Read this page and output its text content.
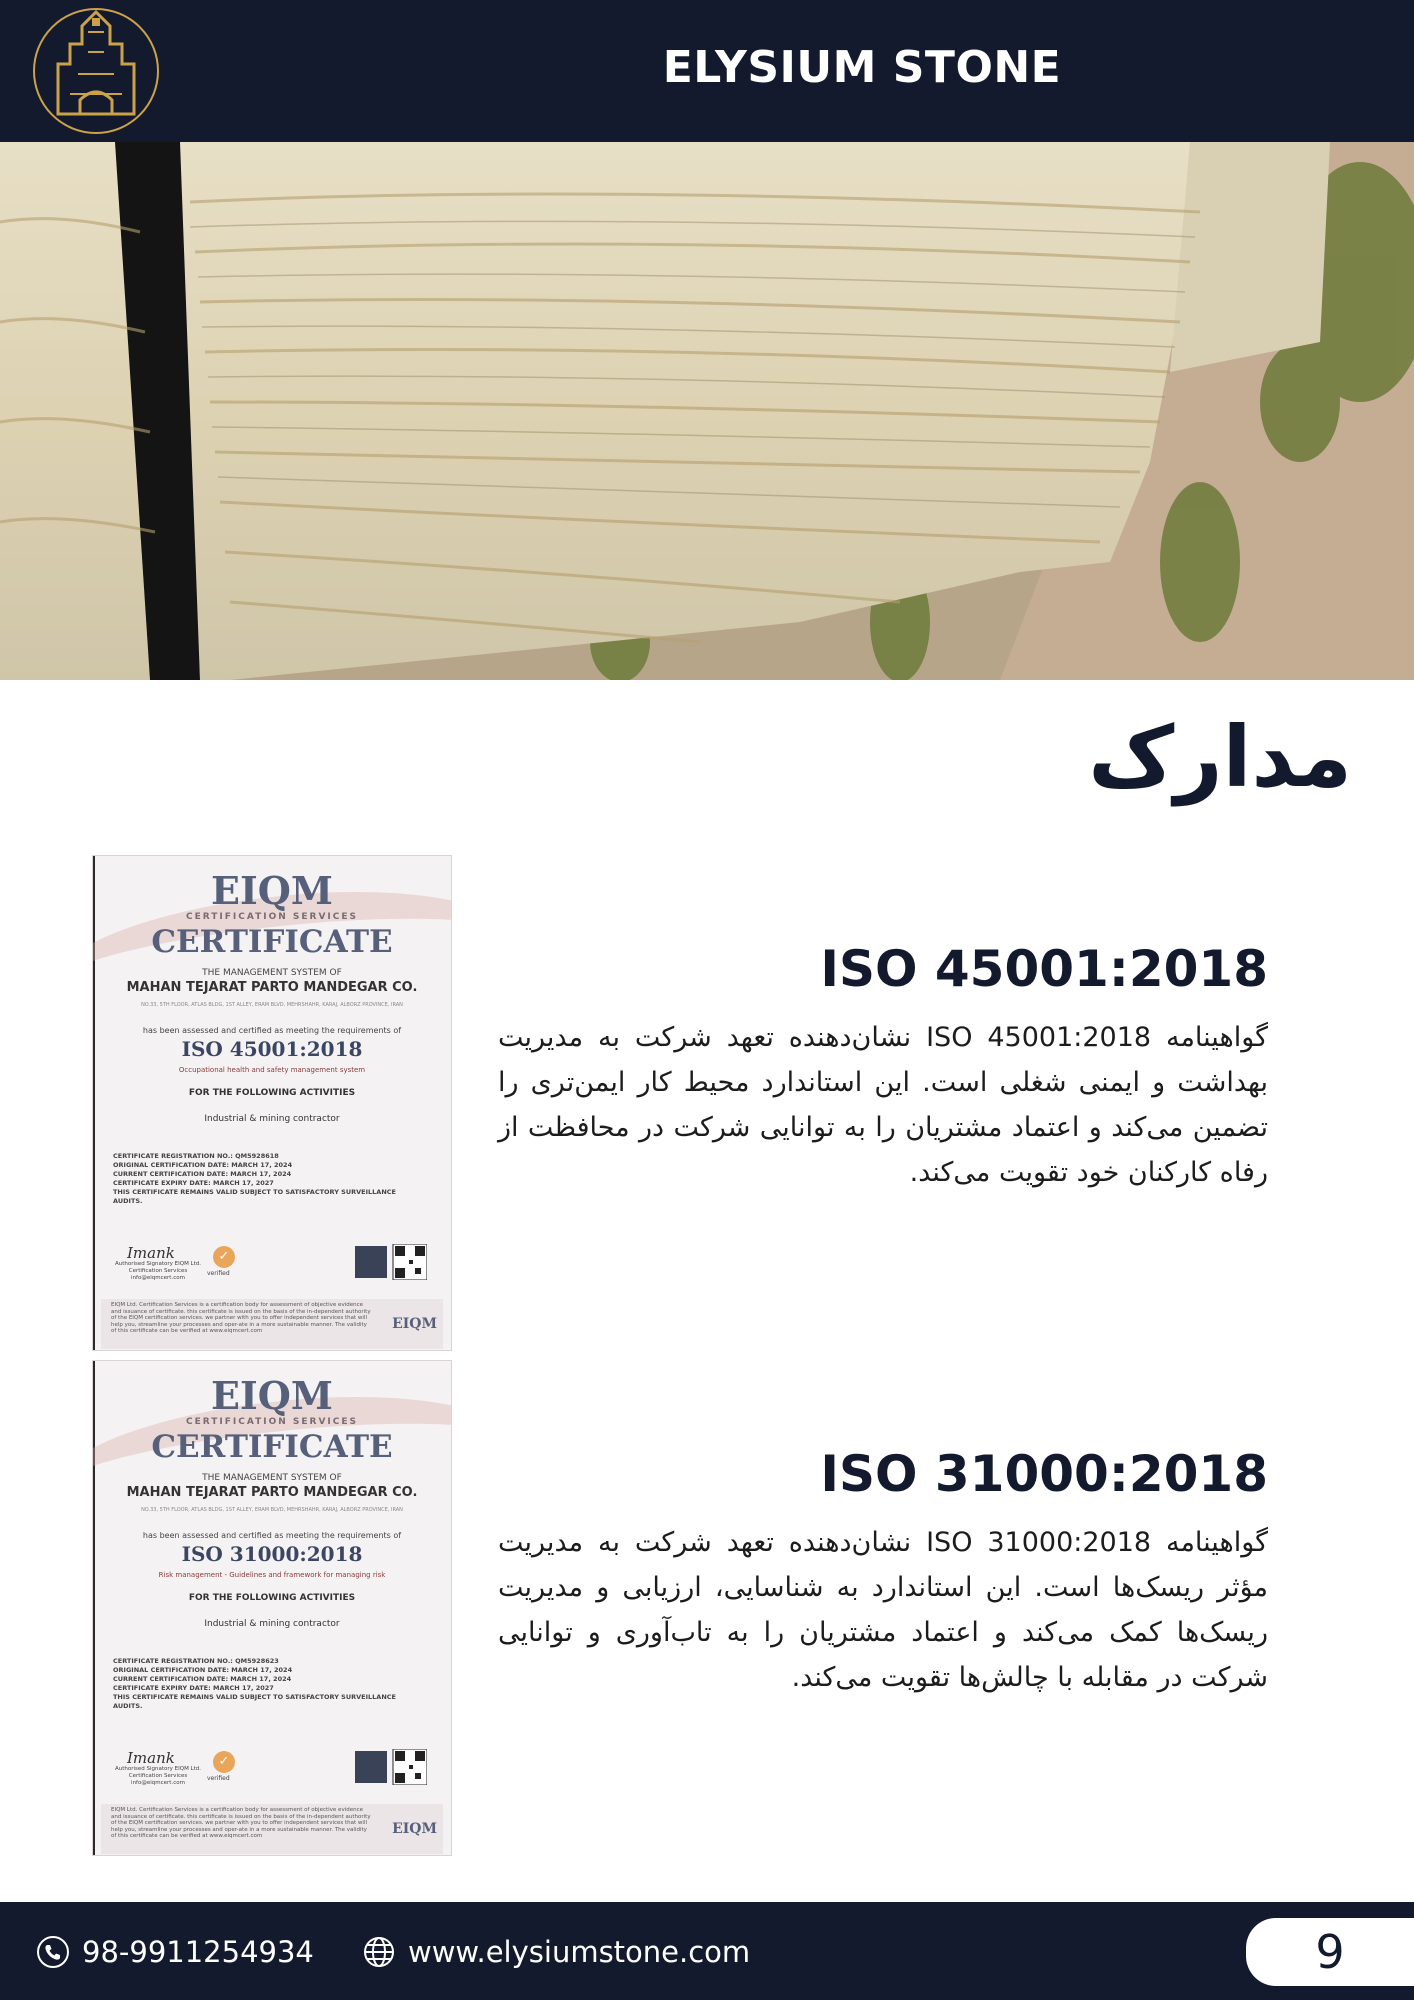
ELYSIUM STONE
مدارک
EIQM
CERTIFICATION SERVICES
CERTIFICATE
THE MANAGEMENT SYSTEM OF
MAHAN TEJARAT PARTO MANDEGAR CO.
NO.33, 5TH FLOOR, ATLAS BLDG, 1ST ALLEY, ERAM BLVD, MEHRSHAHR, KARAJ, ALBORZ PROVINCE, IRAN
has been assessed and certified as meeting the requirements of
ISO 45001:2018
Occupational health and safety management system
FOR THE FOLLOWING ACTIVITIES
Industrial & mining contractor
CERTIFICATE REGISTRATION NO.: QM5928618
ORIGINAL CERTIFICATION DATE: MARCH 17, 2024
CURRENT CERTIFICATION DATE: MARCH 17, 2024
CERTIFICATE EXPIRY DATE: MARCH 17, 2027
THIS CERTIFICATE REMAINS VALID SUBJECT TO SATISFACTORY SURVEILLANCE AUDITS.
Imank
Authorised Signatory EIQM Ltd. Certification Services info@eiqmcert.com
✓
verified
EIQM Ltd. Certification Services is a certification body for assessment of objective evidence and issuance of certificate. this certificate is issued on the basis of the in-dependent authority of the EIQM certification services. we partner with you to offer independent services that will help you, streamline your processes and oper-ate in a more sustainable manner. The validity of this certificate can be verified at www.eiqmcert.com	EIQM
EIQM
CERTIFICATION SERVICES
CERTIFICATE
THE MANAGEMENT SYSTEM OF
MAHAN TEJARAT PARTO MANDEGAR CO.
NO.33, 5TH FLOOR, ATLAS BLDG, 1ST ALLEY, ERAM BLVD, MEHRSHAHR, KARAJ, ALBORZ PROVINCE, IRAN
has been assessed and certified as meeting the requirements of
ISO 31000:2018
Risk management - Guidelines and framework for managing risk
FOR THE FOLLOWING ACTIVITIES
Industrial & mining contractor
CERTIFICATE REGISTRATION NO.: QM5928623
ORIGINAL CERTIFICATION DATE: MARCH 17, 2024
CURRENT CERTIFICATION DATE: MARCH 17, 2024
CERTIFICATE EXPIRY DATE: MARCH 17, 2027
THIS CERTIFICATE REMAINS VALID SUBJECT TO SATISFACTORY SURVEILLANCE AUDITS.
Imank
Authorised Signatory EIQM Ltd. Certification Services info@eiqmcert.com
✓
verified
EIQM Ltd. Certification Services is a certification body for assessment of objective evidence and issuance of certificate. this certificate is issued on the basis of the in-dependent authority of the EIQM certification services. we partner with you to offer independent services that will help you, streamline your processes and oper-ate in a more sustainable manner. The validity of this certificate can be verified at www.eiqmcert.com	EIQM
ISO 45001:2018
گواهینامه ISO 45001:2018 نشان‌دهنده تعهد شرکت به مدیریت بهداشت و ایمنی شغلی است. این استاندارد محیط کار ایمن‌تری را تضمین می‌کند و اعتماد مشتریان را به توانایی شرکت در محافظت از رفاه کارکنان خود تقویت می‌کند.
ISO 31000:2018
گواهینامه ISO 31000:2018 نشان‌دهنده تعهد شرکت به مدیریت مؤثر ریسک‌ها است. این استاندارد به شناسایی، ارزیابی و مدیریت ریسک‌ها کمک می‌کند و اعتماد مشتریان را به تاب‌آوری و توانایی شرکت در مقابله با چالش‌ها تقویت می‌کند.
98-9911254934	www.elysiumstone.com	9
